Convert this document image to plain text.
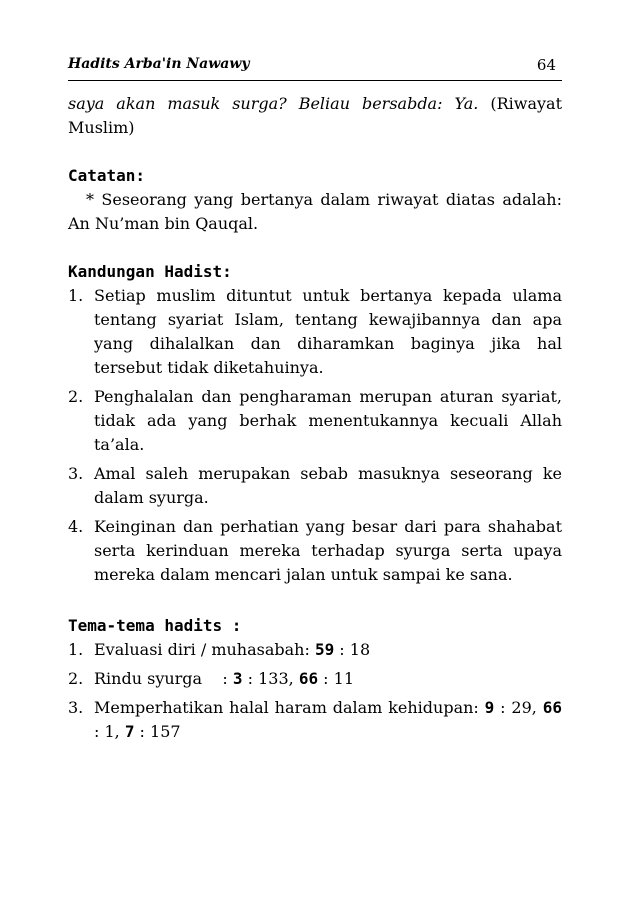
Hadits Arba'in Nawawy	64

saya akan masuk surga? Beliau bersabda: Ya. (Riwayat Muslim)

Catatan:

* Seseorang yang bertanya dalam riwayat diatas adalah: An Nu’man bin Qauqal.

Kandungan Hadist:

1. Setiap muslim dituntut untuk bertanya kepada ulama tentang syariat Islam, tentang kewajibannya dan apa yang dihalalkan dan diharamkan baginya jika hal tersebut tidak diketahuinya.
2. Penghalalan dan pengharaman merupan aturan syariat, tidak ada yang berhak menentukannya kecuali Allah ta’ala.
3. Amal saleh merupakan sebab masuknya seseorang ke dalam syurga.
4. Keinginan dan perhatian yang besar dari para shahabat serta kerinduan mereka terhadap syurga serta upaya mereka dalam mencari jalan untuk sampai ke sana.

Tema-tema hadits :

1. Evaluasi diri / muhasabah: 59 : 18
2. Rindu syurga    : 3 : 133, 66 : 11
3. Memperhatikan halal haram dalam kehidupan: 9 : 29, 66 : 1, 7 : 157
